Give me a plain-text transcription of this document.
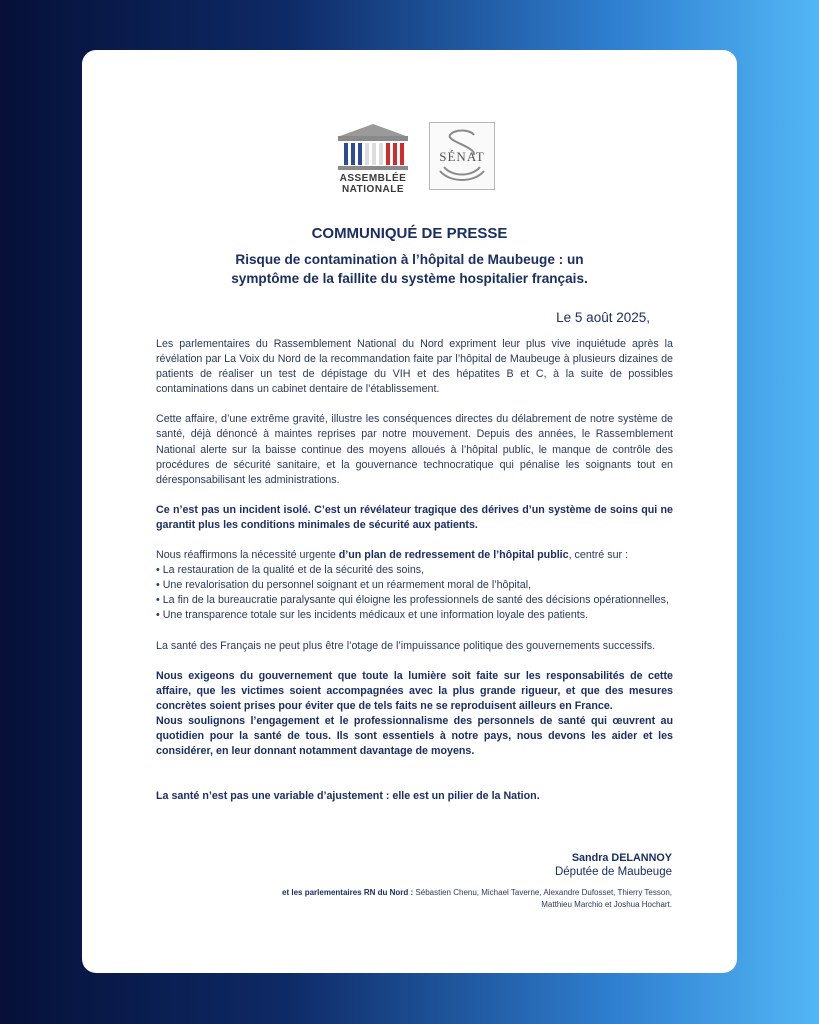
ASSEMBLÉE
NATIONALE
SÉNAT
COMMUNIQUÉ DE PRESSE
Risque de contamination à l’hôpital de Maubeuge : un
symptôme de la faillite du système hospitalier français.
Le 5 août 2025,

Les parlementaires du Rassemblement National du Nord expriment leur plus vive inquiétude après la révélation par La Voix du Nord de la recommandation faite par l’hôpital de Maubeuge à plusieurs dizaines de patients de réaliser un test de dépistage du VIH et des hépatites B et C, à la suite de possibles contaminations dans un cabinet dentaire de l’établissement.

Cette affaire, d’une extrême gravité, illustre les conséquences directes du délabrement de notre système de santé, déjà dénoncé à maintes reprises par notre mouvement. Depuis des années, le Rassemblement National alerte sur la baisse continue des moyens alloués à l’hôpital public, le manque de contrôle des procédures de sécurité sanitaire, et la gouvernance technocratique qui pénalise les soignants tout en déresponsabilisant les administrations.

Ce n’est pas un incident isolé. C’est un révélateur tragique des dérives d’un système de soins qui ne garantit plus les conditions minimales de sécurité aux patients.

Nous réaffirmons la nécessité urgente d’un plan de redressement de l’hôpital public, centré sur :

• La restauration de la qualité et de la sécurité des soins,

• Une revalorisation du personnel soignant et un réarmement moral de l’hôpital,

• La fin de la bureaucratie paralysante qui éloigne les professionnels de santé des décisions opérationnelles,

• Une transparence totale sur les incidents médicaux et une information loyale des patients.

La santé des Français ne peut plus être l’otage de l’impuissance politique des gouvernements successifs.

Nous exigeons du gouvernement que toute la lumière soit faite sur les responsabilités de cette affaire, que les victimes soient accompagnées avec la plus grande rigueur, et que des mesures concrètes soient prises pour éviter que de tels faits ne se reproduisent ailleurs en France.

Nous soulignons l’engagement et le professionnalisme des personnels de santé qui œuvrent au quotidien pour la santé de tous. Ils sont essentiels à notre pays, nous devons les aider et les considérer, en leur donnant notamment davantage de moyens.

La santé n’est pas une variable d’ajustement : elle est un pilier de la Nation.

Sandra DELANNOY
Députée de Maubeuge
et les parlementaires RN du Nord : Sébastien Chenu, Michael Taverne, Alexandre Dufosset, Thierry Tesson, Matthieu Marchio et Joshua Hochart.
